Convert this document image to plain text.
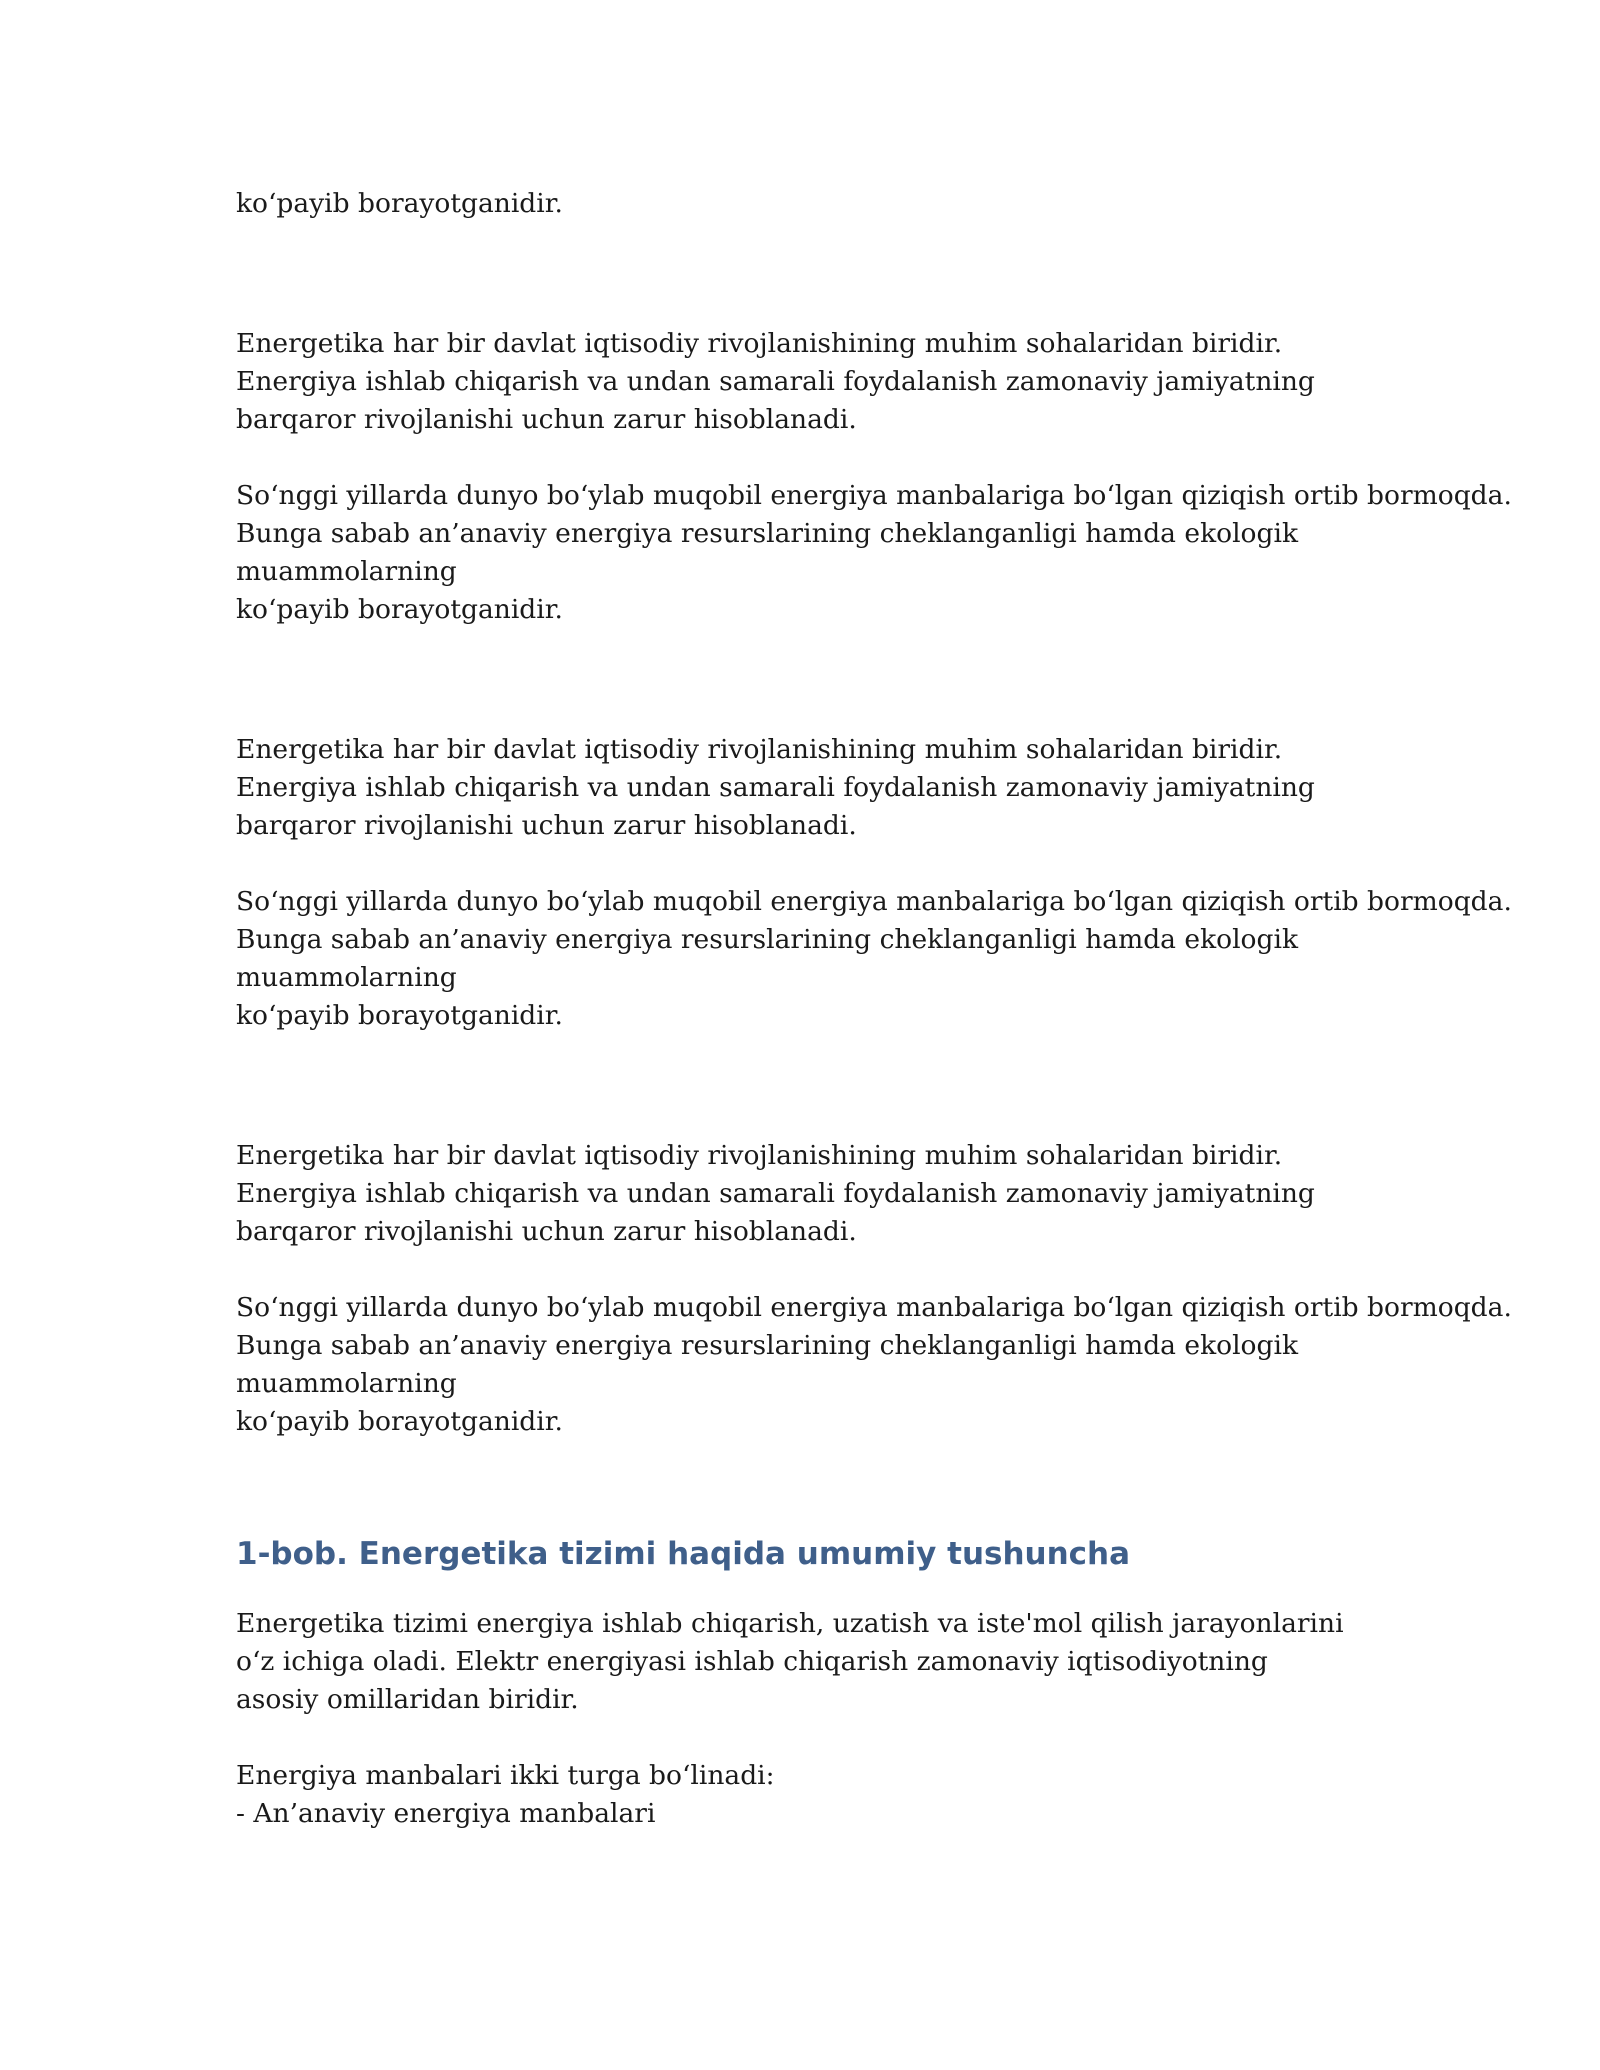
ko‘payib borayotganidir.
Energetika har bir davlat iqtisodiy rivojlanishining muhim sohalaridan biridir.
Energiya ishlab chiqarish va undan samarali foydalanish zamonaviy jamiyatning
barqaror rivojlanishi uchun zarur hisoblanadi.
So‘nggi yillarda dunyo bo‘ylab muqobil energiya manbalariga bo‘lgan qiziqish ortib bormoqda.
Bunga sabab an’anaviy energiya resurslarining cheklanganligi hamda ekologik
muammolarning
ko‘payib borayotganidir.
Energetika har bir davlat iqtisodiy rivojlanishining muhim sohalaridan biridir.
Energiya ishlab chiqarish va undan samarali foydalanish zamonaviy jamiyatning
barqaror rivojlanishi uchun zarur hisoblanadi.
So‘nggi yillarda dunyo bo‘ylab muqobil energiya manbalariga bo‘lgan qiziqish ortib bormoqda.
Bunga sabab an’anaviy energiya resurslarining cheklanganligi hamda ekologik
muammolarning
ko‘payib borayotganidir.
Energetika har bir davlat iqtisodiy rivojlanishining muhim sohalaridan biridir.
Energiya ishlab chiqarish va undan samarali foydalanish zamonaviy jamiyatning
barqaror rivojlanishi uchun zarur hisoblanadi.
So‘nggi yillarda dunyo bo‘ylab muqobil energiya manbalariga bo‘lgan qiziqish ortib bormoqda.
Bunga sabab an’anaviy energiya resurslarining cheklanganligi hamda ekologik
muammolarning
ko‘payib borayotganidir.
1-bob. Energetika tizimi haqida umumiy tushuncha
Energetika tizimi energiya ishlab chiqarish, uzatish va iste'mol qilish jarayonlarini
o‘z ichiga oladi. Elektr energiyasi ishlab chiqarish zamonaviy iqtisodiyotning
asosiy omillaridan biridir.
Energiya manbalari ikki turga bo‘linadi:
- An’anaviy energiya manbalari
